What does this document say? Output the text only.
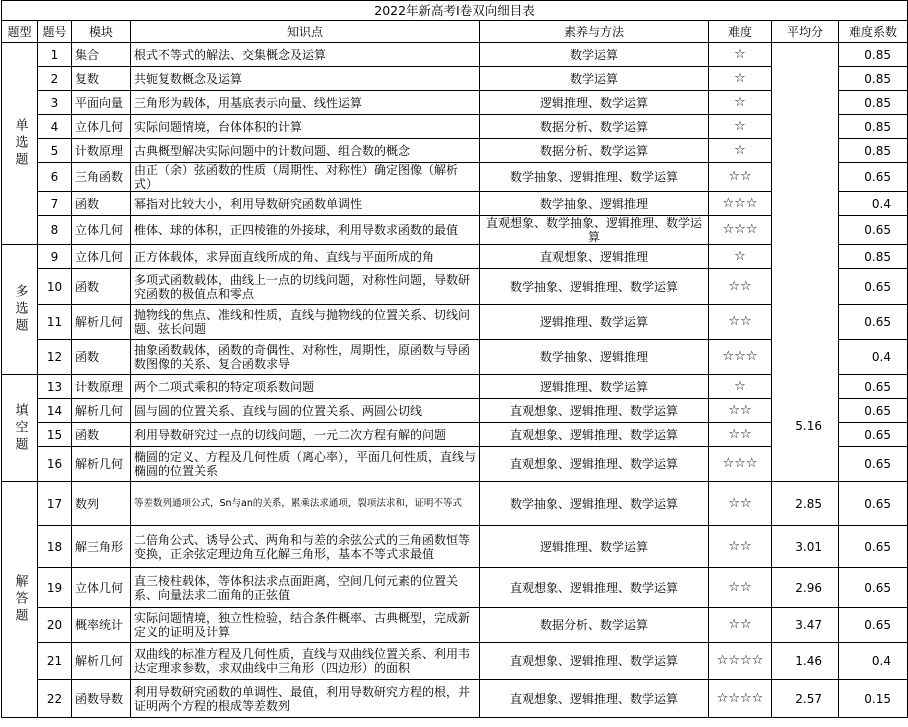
2022年新高考Ⅰ卷双向细目表							
题型	题号	模块	知识点	素养与方法	难度	平均分	难度系数
单选题	1	集合	根式不等式的解法、交集概念及运算	数学运算	☆	5.16	0.85
	2	复数	共轭复数概念及运算	数学运算	☆		0.85
	3	平面向量	三角形为载体，用基底表示向量、线性运算	逻辑推理、数学运算	☆		0.85
	4	立体几何	实际问题情境，台体体积的计算	数据分析、数学运算	☆		0.85
	5	计数原理	古典概型解决实际问题中的计数问题、组合数的概念	数据分析、数学运算	☆		0.85
	6	三角函数	由正（余）弦函数的性质（周期性、对称性）确定图像（解析式）	数学抽象、逻辑推理、数学运算	☆☆		0.65
	7	函数	幂指对比较大小，利用导数研究函数单调性	数学抽象、逻辑推理	☆☆☆		0.4
	8	立体几何	椎体、球的体积，正四棱锥的外接球，利用导数求函数的最值	直观想象、数学抽象、逻辑推理、数学运算	☆☆☆		0.65
多选题	9	立体几何	正方体载体，求异面直线所成的角、直线与平面所成的角	直观想象、逻辑推理	☆		0.85
	10	函数	多项式函数载体，曲线上一点的切线问题，对称性问题，导数研究函数的极值点和零点	数学抽象、逻辑推理、数学运算	☆☆		0.65
	11	解析几何	抛物线的焦点、准线和性质，直线与抛物线的位置关系、切线问题、弦长问题	逻辑推理、数学运算	☆☆		0.65
	12	函数	抽象函数载体，函数的奇偶性、对称性，周期性，原函数与导函数图像的关系、复合函数求导	数学抽象、逻辑推理	☆☆☆		0.4
填空题	13	计数原理	两个二项式乘积的特定项系数问题	逻辑推理、数学运算	☆		0.65
	14	解析几何	圆与圆的位置关系、直线与圆的位置关系、两圆公切线	直观想象、逻辑推理、数学运算	☆☆		0.65
	15	函数	利用导数研究过一点的切线问题，一元二次方程有解的问题	直观想象、逻辑推理、数学运算	☆☆		0.65
	16	解析几何	椭圆的定义、方程及几何性质（离心率），平面几何性质，直线与椭圆的位置关系	直观想象、逻辑推理、数学运算	☆☆☆		0.65
解答题	17	数列	等差数列通项公式，Sn与an的关系，累乘法求通项，裂项法求和，证明不等式	数学抽象、逻辑推理、数学运算	☆☆	2.85	0.65
	18	解三角形	二倍角公式、诱导公式、两角和与差的余弦公式的三角函数恒等变换，正余弦定理边角互化解三角形，基本不等式求最值	逻辑推理、数学运算	☆☆	3.01	0.65
	19	立体几何	直三棱柱载体，等体积法求点面距离，空间几何元素的位置关系、向量法求二面角的正弦值	直观想象、逻辑推理、数学运算	☆☆	2.96	0.65
	20	概率统计	实际问题情境，独立性检验，结合条件概率、古典概型，完成新定义的证明及计算	数据分析、数学运算	☆☆	3.47	0.65
	21	解析几何	双曲线的标准方程及几何性质，直线与双曲线位置关系、利用韦达定理求参数，求双曲线中三角形（四边形）的面积	直观想象、逻辑推理、数学运算	☆☆☆☆	1.46	0.4
	22	函数导数	利用导数研究函数的单调性、最值，利用导数研究方程的根，并证明两个方程的根成等差数列	直观想象、逻辑推理、数学运算	☆☆☆☆	2.57	0.15
